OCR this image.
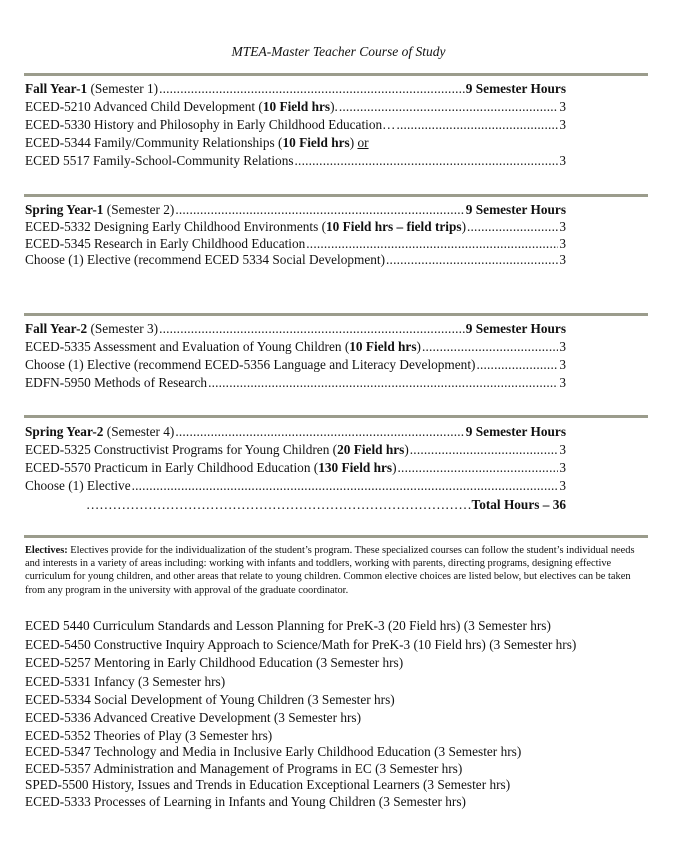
MTEA-Master Teacher Course of Study
Fall Year-1 (Semester 1) .....	9 Semester Hours
ECED-5210 Advanced Child Development (10 Field hrs). .....	3
ECED-5330 History and Philosophy in Early Childhood Education… .....	3
ECED-5344 Family/Community Relationships (10 Field hrs) or
ECED 5517 Family-School-Community Relations .....	3
Spring Year-1 (Semester 2) .....	9 Semester Hours
ECED-5332 Designing Early Childhood Environments (10 Field hrs – field trips) .....	3
ECED-5345 Research in Early Childhood Education .....	3
Choose (1) Elective (recommend ECED 5334 Social Development) .....	3
Fall Year-2 (Semester 3) .....	9 Semester Hours
ECED-5335 Assessment and Evaluation of Young Children (10 Field hrs) .....	3
Choose (1) Elective (recommend ECED-5356 Language and Literacy Development) .....	3
EDFN-5950 Methods of Research .....	3
Spring Year-2 (Semester 4) .....	9 Semester Hours
ECED-5325 Constructivist Programs for Young Children (20 Field hrs) .....	3
ECED-5570 Practicum in Early Childhood Education (130 Field hrs) .....	3
Choose (1) Elective .....	3
………………………………………………………………………………………………………………
Total Hours – 36
Electives: Electives provide for the individualization of the student’s program. These specialized courses can follow the student’s individual needs and interests in a variety of areas including: working with infants and toddlers, working with parents, directing programs, designing effective curriculum for young children, and other areas that relate to young children. Common elective choices are listed below, but electives can be taken from any program in the university with approval of the graduate coordinator.
ECED 5440 Curriculum Standards and Lesson Planning for PreK-3 (20 Field hrs) (3 Semester hrs)
ECED-5450 Constructive Inquiry Approach to Science/Math for PreK-3 (10 Field hrs) (3 Semester hrs)
ECED-5257 Mentoring in Early Childhood Education (3 Semester hrs)
ECED-5331 Infancy (3 Semester hrs)
ECED-5334 Social Development of Young Children (3 Semester hrs)
ECED-5336 Advanced Creative Development (3 Semester hrs)
ECED-5352 Theories of Play (3 Semester hrs)
ECED-5347 Technology and Media in Inclusive Early Childhood Education (3 Semester hrs)
ECED-5357 Administration and Management of Programs in EC (3 Semester hrs)
SPED-5500 History, Issues and Trends in Education Exceptional Learners (3 Semester hrs)
ECED-5333 Processes of Learning in Infants and Young Children (3 Semester hrs)
